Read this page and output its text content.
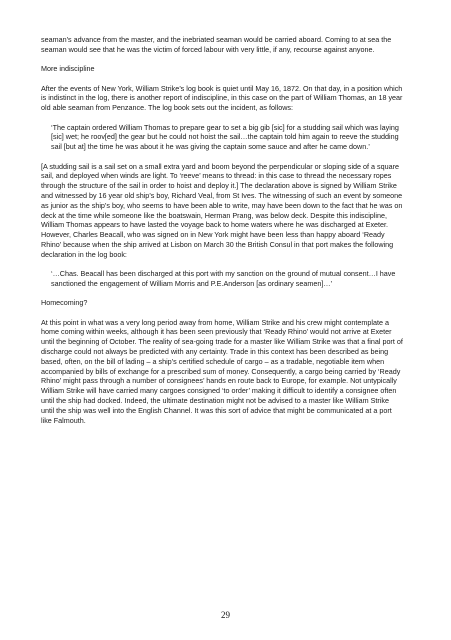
seaman’s advance from the master, and the inebriated seaman would be carried aboard. Coming to at sea the seaman would see that he was the victim of forced labour with very little, if any, recourse against anyone.

More indiscipline

After the events of New York, William Strike’s log book is quiet until May 16, 1872. On that day, in a position which is indistinct in the log, there is another report of indiscipline, in this case on the part of William Thomas, an 18 year old able seaman from Penzance. The log book sets out the incident, as follows:

‘The captain ordered William Thomas to prepare gear to set a big gib [sic] for a studding sail which was laying [sic] wet; he roov[ed] the gear but he could not hoist the sail…the captain told him again to reeve the studding sail [but at] the time he was about it he was giving the captain some sauce and after he came down.’

[A studding sail is a sail set on a small extra yard and boom beyond the perpendicular or sloping side of a square sail, and deployed when winds are light. To ‘reeve’ means to thread: in this case to thread the necessary ropes through the structure of the sail in order to hoist and deploy it.] The declaration above is signed by William Strike and witnessed by 16 year old ship’s boy, Richard Veal, from St Ives. The witnessing of such an event by someone as junior as the ship’s boy, who seems to have been able to write, may have been down to the fact that he was on deck at the time while someone like the boatswain, Herman Prang, was below deck. Despite this indiscipline, William Thomas appears to have lasted the voyage back to home waters where he was discharged at Exeter. However, Charles Beacall, who was signed on in New York might have been less than happy aboard ‘Ready Rhino’ because when the ship arrived at Lisbon on March 30 the British Consul in that port makes the following declaration in the log book:

‘…Chas. Beacall has been discharged at this port with my sanction on the ground of mutual consent…I have sanctioned the engagement of William Morris and P.E.Anderson [as ordinary seamen]…’

Homecoming?

At this point in what was a very long period away from home, William Strike and his crew might contemplate a home coming within weeks, although it has been seen previously that ‘Ready Rhino’ would not arrive at Exeter until the beginning of October. The reality of sea-going trade for a master like William Strike was that a final port of discharge could not always be predicted with any certainty. Trade in this context has been described as being based, often, on the bill of lading – a ship’s certified schedule of cargo – as a tradable, negotiable item when accompanied by bills of exchange for a prescribed sum of money. Consequently, a cargo being carried by ‘Ready Rhino’ might pass through a number of consignees’ hands en route back to Europe, for example. Not untypically William Strike will have carried many cargoes consigned ‘to order’ making it difficult to identify a consignee often until the ship had docked. Indeed, the ultimate destination might not be advised to a master like William Strike until the ship was well into the English Channel. It was this sort of advice that might be communicated at a port like Falmouth.

29
